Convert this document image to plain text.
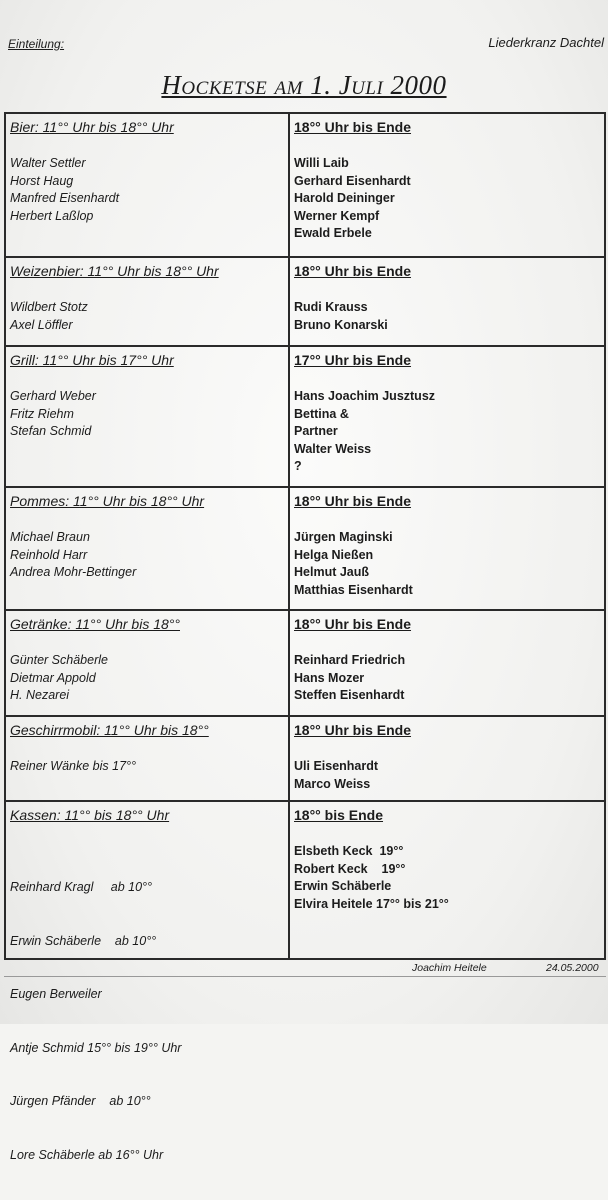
Einteilung:	Liederkranz Dachtel
Hocketse am 1. Juli 2000
Bier: 11°° Uhr bis 18°° Uhr
Walter Settler
Horst Haug
Manfred Eisenhardt
Herbert Laßlop
18°° Uhr bis Ende
Willi Laib
Gerhard Eisenhardt
Harold Deininger
Werner Kempf
Ewald Erbele
Weizenbier: 11°° Uhr bis 18°° Uhr
Wildbert Stotz
Axel Löffler
18°° Uhr bis Ende
Rudi Krauss
Bruno Konarski
Grill: 11°° Uhr bis 17°° Uhr
Gerhard Weber
Fritz Riehm
Stefan Schmid
17°° Uhr bis Ende
Hans Joachim Jusztusz
Bettina &
Partner
Walter Weiss
?
Pommes: 11°° Uhr bis 18°° Uhr
Michael Braun
Reinhold Harr
Andrea Mohr-Bettinger
18°° Uhr bis Ende
Jürgen Maginski
Helga Nießen
Helmut Jauß
Matthias Eisenhardt
Getränke: 11°° Uhr bis 18°°
Günter Schäberle
Dietmar Appold
H. Nezarei
18°° Uhr bis Ende
Reinhard Friedrich
Hans Mozer
Steffen Eisenhardt
Geschirrmobil: 11°° Uhr bis 18°°
Reiner Wänke bis 17°°
18°° Uhr bis Ende
Uli Eisenhardt
Marco Weiss
Kassen: 11°° bis 18°° Uhr

Reinhard Kragl     ab 10°°

Erwin Schäberle    ab 10°°

Eugen Berweiler

Antje Schmid 15°° bis 19°° Uhr

Jürgen Pfänder    ab 10°°

Lore Schäberle ab 16°° Uhr

18°° bis Ende
Elsbeth Keck  19°°
Robert Keck    19°°
Erwin Schäberle
Elvira Heitele 17°° bis 21°°
Joachim Heitele	24.05.2000
